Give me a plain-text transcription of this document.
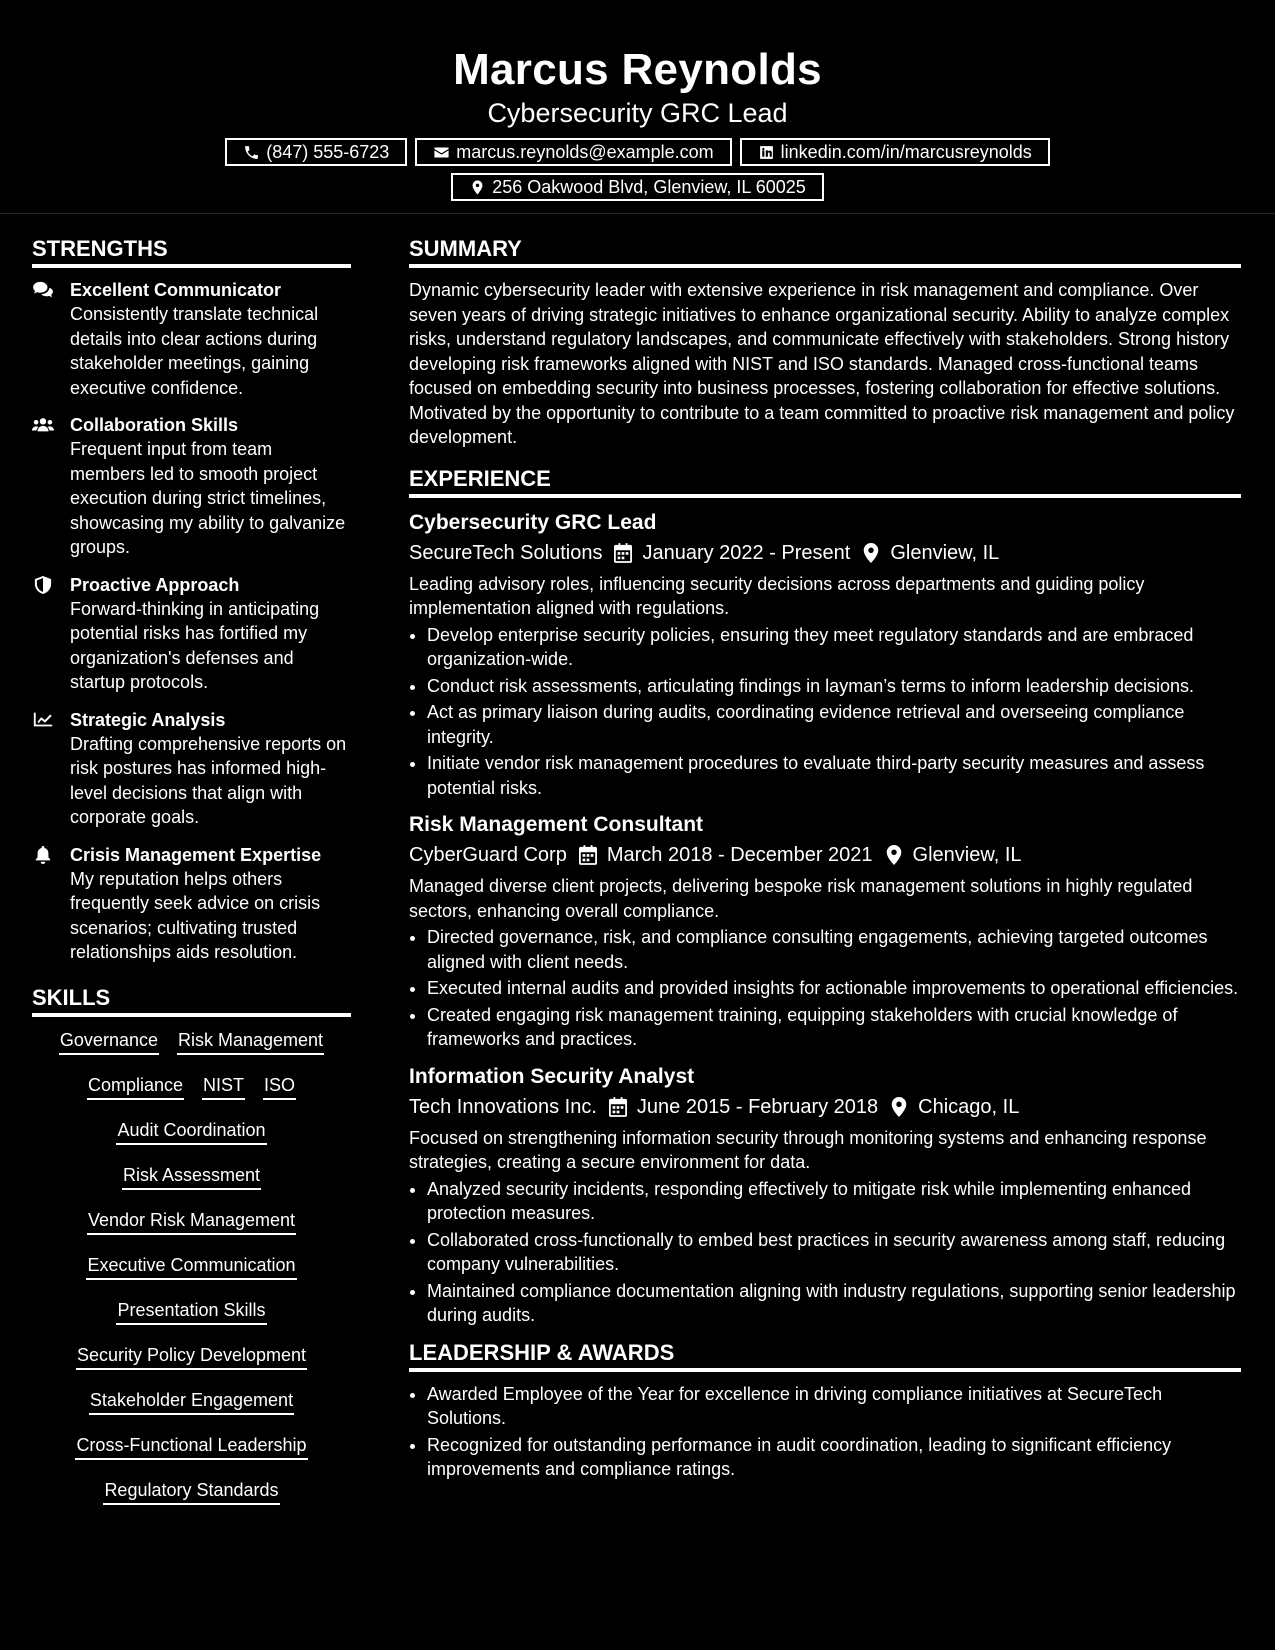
Marcus Reynolds
Cybersecurity GRC Lead
(847) 555-6723	marcus.reynolds@example.com	linkedin.com/in/marcusreynolds
256 Oakwood Blvd, Glenview, IL 60025
STRENGTHS
Excellent Communicator
Consistently translate technical details into clear actions during stakeholder meetings, gaining executive confidence.
Collaboration Skills
Frequent input from team members led to smooth project execution during strict timelines, showcasing my ability to galvanize groups.
Proactive Approach
Forward-thinking in anticipating potential risks has fortified my organization's defenses and startup protocols.
Strategic Analysis
Drafting comprehensive reports on risk postures has informed high-level decisions that align with corporate goals.
Crisis Management Expertise
My reputation helps others frequently seek advice on crisis scenarios; cultivating trusted relationships aids resolution.
SKILLS
Governance Risk Management
Compliance NIST ISO
Audit Coordination
Risk Assessment
Vendor Risk Management
Executive Communication
Presentation Skills
Security Policy Development
Stakeholder Engagement
Cross-Functional Leadership
Regulatory Standards
SUMMARY
Dynamic cybersecurity leader with extensive experience in risk management and compliance. Over seven years of driving strategic initiatives to enhance organizational security. Ability to analyze complex risks, understand regulatory landscapes, and communicate effectively with stakeholders. Strong history developing risk frameworks aligned with NIST and ISO standards. Managed cross-functional teams focused on embedding security into business processes, fostering collaboration for effective solutions. Motivated by the opportunity to contribute to a team committed to proactive risk management and policy development.
EXPERIENCE
Cybersecurity GRC Lead
SecureTech Solutions January 2022 - Present Glenview, IL
Leading advisory roles, influencing security decisions across departments and guiding policy implementation aligned with regulations.
• Develop enterprise security policies, ensuring they meet regulatory standards and are embraced organization-wide.
• Conduct risk assessments, articulating findings in layman’s terms to inform leadership decisions.
• Act as primary liaison during audits, coordinating evidence retrieval and overseeing compliance integrity.
• Initiate vendor risk management procedures to evaluate third-party security measures and assess potential risks.
Risk Management Consultant
CyberGuard Corp March 2018 - December 2021 Glenview, IL
Managed diverse client projects, delivering bespoke risk management solutions in highly regulated sectors, enhancing overall compliance.
• Directed governance, risk, and compliance consulting engagements, achieving targeted outcomes aligned with client needs.
• Executed internal audits and provided insights for actionable improvements to operational efficiencies.
• Created engaging risk management training, equipping stakeholders with crucial knowledge of frameworks and practices.
Information Security Analyst
Tech Innovations Inc. June 2015 - February 2018 Chicago, IL
Focused on strengthening information security through monitoring systems and enhancing response strategies, creating a secure environment for data.
• Analyzed security incidents, responding effectively to mitigate risk while implementing enhanced protection measures.
• Collaborated cross-functionally to embed best practices in security awareness among staff, reducing company vulnerabilities.
• Maintained compliance documentation aligning with industry regulations, supporting senior leadership during audits.
LEADERSHIP & AWARDS
• Awarded Employee of the Year for excellence in driving compliance initiatives at SecureTech Solutions.
• Recognized for outstanding performance in audit coordination, leading to significant efficiency improvements and compliance ratings.
